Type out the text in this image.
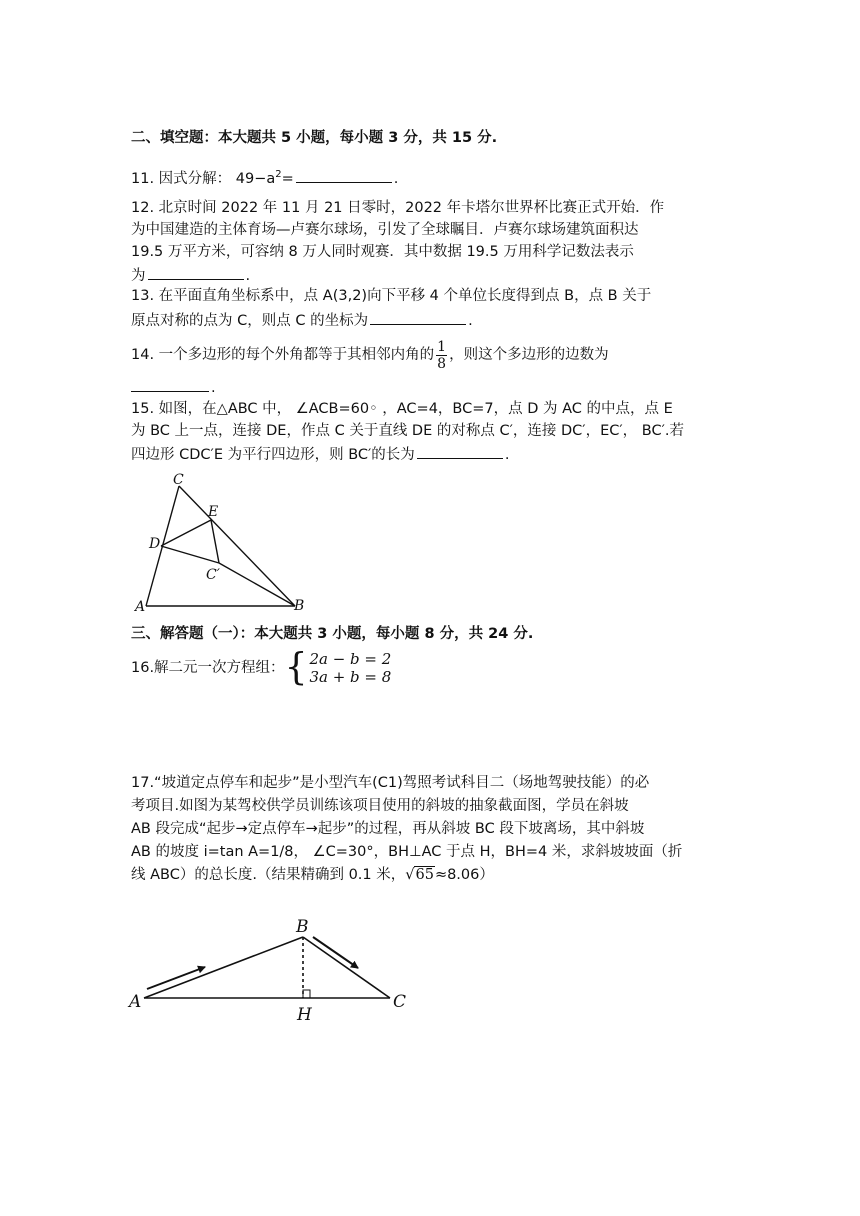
二、填空题：本大题共 5 小题，每小题 3 分，共 15 分.
11. 因式分解： $49-a^2=$	.
12. 北京时间 2022 年 11 月 21 日零时，2022 年卡塔尔世界杯比赛正式开始．作
为中国建造的主体育场—卢赛尔球场，引发了全球瞩目．卢赛尔球场建筑面积达
19.5 万平方米，可容纳 8 万人同时观赛．其中数据 19.5 万用科学记数法表示
为	.
13. 在平面直角坐标系中，点 A(3,2)向下平移 4 个单位长度得到点 B，点 B 关于
原点对称的点为 C，则点 C 的坐标为	.
14. 一个多边形的每个外角都等于其相邻内角的 $\frac{1}{8}$ ，则这个多边形的边数为
.
15. 如图，在△ABC 中， ∠ACB=60◦ ，AC=4，BC=7，点 D 为 AC 的中点，点 E
为 BC 上一点，连接 DE，作点 C 关于直线 DE 的对称点 C′，连接 DC′，EC′， BC′.若
四边形 CDC′E 为平行四边形，则 BC′的长为	.
C
E
D
C′
A	B
三、解答题（一）：本大题共 3 小题，每小题 8 分，共 24 分.
16.解二元一次方程组： { 2a − b = 2
3a + b = 8
17.“坡道定点停车和起步”是小型汽车(C1)驾照考试科目二（场地驾驶技能）的必
考项目.如图为某驾校供学员训练该项目使用的斜坡的抽象截面图，学员在斜坡
AB 段完成“起步→定点停车→起步”的过程，再从斜坡 BC 段下坡离场，其中斜坡
AB 的坡度 i=tan A=1/8， ∠C=30°，BH⊥AC 于点 H，BH=4 米，求斜坡坡面（折
线 ABC）的总长度.（结果精确到 0.1 米，√65≈8.06）
A
B
C
H
